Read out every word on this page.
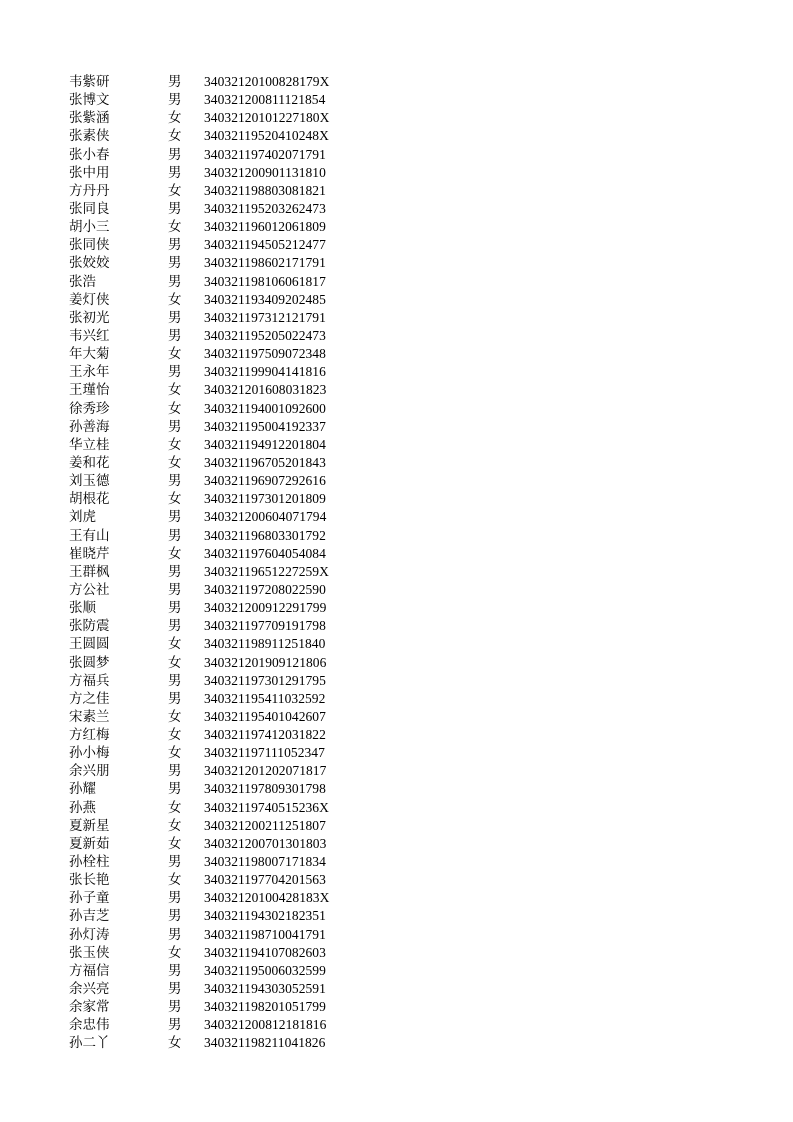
韦紫研	男	34032120100828179X
张博文	男	340321200811121854
张紫涵	女	34032120101227180X
张素侠	女	34032119520410248X
张小春	男	340321197402071791
张中用	男	340321200901131810
方丹丹	女	340321198803081821
张同良	男	340321195203262473
胡小三	女	340321196012061809
张同侠	男	340321194505212477
张姣姣	男	340321198602171791
张浩	男	340321198106061817
姜灯侠	女	340321193409202485
张初光	男	340321197312121791
韦兴红	男	340321195205022473
年大菊	女	340321197509072348
王永年	男	340321199904141816
王瑾怡	女	340321201608031823
徐秀珍	女	340321194001092600
孙善海	男	340321195004192337
华立桂	女	340321194912201804
姜和花	女	340321196705201843
刘玉德	男	340321196907292616
胡根花	女	340321197301201809
刘虎	男	340321200604071794
王有山	男	340321196803301792
崔晓芹	女	340321197604054084
王群枫	男	34032119651227259X
方公社	男	340321197208022590
张顺	男	340321200912291799
张防震	男	340321197709191798
王圆圆	女	340321198911251840
张圆梦	女	340321201909121806
方福兵	男	340321197301291795
方之佳	男	340321195411032592
宋素兰	女	340321195401042607
方红梅	女	340321197412031822
孙小梅	女	340321197111052347
余兴朋	男	340321201202071817
孙耀	男	340321197809301798
孙燕	女	34032119740515236X
夏新星	女	340321200211251807
夏新茹	女	340321200701301803
孙栓柱	男	340321198007171834
张长艳	女	340321197704201563
孙子童	男	34032120100428183X
孙吉芝	男	340321194302182351
孙灯涛	男	340321198710041791
张玉侠	女	340321194107082603
方福信	男	340321195006032599
余兴亮	男	340321194303052591
余家常	男	340321198201051799
余忠伟	男	340321200812181816
孙二丫	女	340321198211041826
